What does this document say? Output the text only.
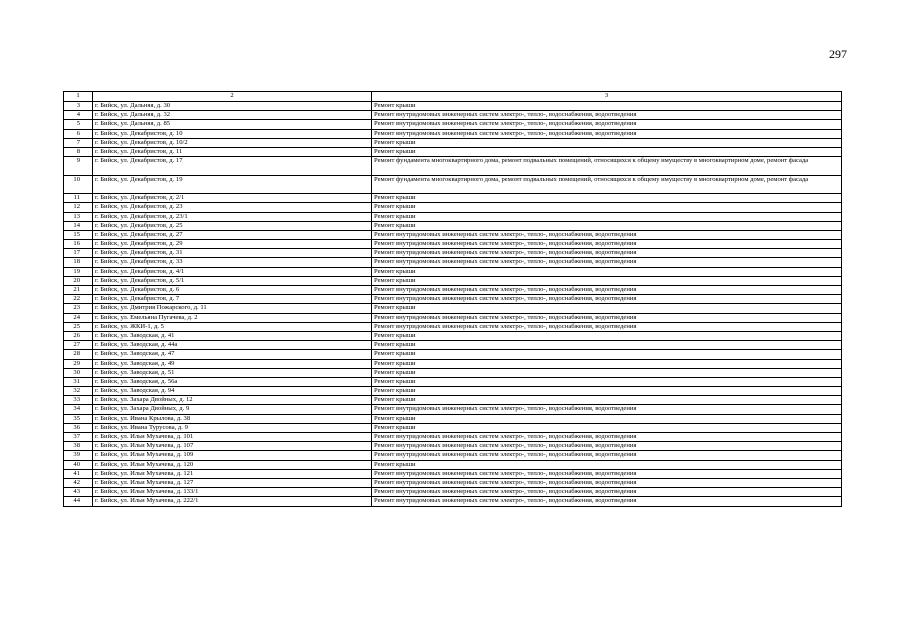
297
1	2	3
3	г. Бийск, ул. Дальняя, д. 30	Ремонт крыши
4	г. Бийск, ул. Дальняя, д. 32	Ремонт внутридомовых инженерных систем электро-, тепло-, водоснабжения, водоотведения
5	г. Бийск, ул. Дальняя, д. 85	Ремонт внутридомовых инженерных систем электро-, тепло-, водоснабжения, водоотведения
6	г. Бийск, ул. Декабристов, д. 10	Ремонт внутридомовых инженерных систем электро-, тепло-, водоснабжения, водоотведения
7	г. Бийск, ул. Декабристов, д. 10/2	Ремонт крыши
8	г. Бийск, ул. Декабристов, д. 11	Ремонт крыши
9	г. Бийск, ул. Декабристов, д. 17	Ремонт фундамента многоквартирного дома, ремонт подвальных помещений, относящихся к общему имуществу в многоквартирном доме, ремонт фасада
10	г. Бийск, ул. Декабристов, д. 19	Ремонт фундамента многоквартирного дома, ремонт подвальных помещений, относящихся к общему имуществу в многоквартирном доме, ремонт фасада
11	г. Бийск, ул. Декабристов, д. 2/1	Ремонт крыши
12	г. Бийск, ул. Декабристов, д. 23	Ремонт крыши
13	г. Бийск, ул. Декабристов, д. 23/1	Ремонт крыши
14	г. Бийск, ул. Декабристов, д. 25	Ремонт крыши
15	г. Бийск, ул. Декабристов, д. 27	Ремонт внутридомовых инженерных систем электро-, тепло-, водоснабжения, водоотведения
16	г. Бийск, ул. Декабристов, д. 29	Ремонт внутридомовых инженерных систем электро-, тепло-, водоснабжения, водоотведения
17	г. Бийск, ул. Декабристов, д. 31	Ремонт внутридомовых инженерных систем электро-, тепло-, водоснабжения, водоотведения
18	г. Бийск, ул. Декабристов, д. 33	Ремонт внутридомовых инженерных систем электро-, тепло-, водоснабжения, водоотведения
19	г. Бийск, ул. Декабристов, д. 4/1	Ремонт крыши
20	г. Бийск, ул. Декабристов, д. 5/1	Ремонт крыши
21	г. Бийск, ул. Декабристов, д. 6	Ремонт внутридомовых инженерных систем электро-, тепло-, водоснабжения, водоотведения
22	г. Бийск, ул. Декабристов, д. 7	Ремонт внутридомовых инженерных систем электро-, тепло-, водоснабжения, водоотведения
23	г. Бийск, ул. Дмитрия Пожарского, д. 11	Ремонт крыши
24	г. Бийск, ул. Емельяна Пугачева, д. 2	Ремонт внутридомовых инженерных систем электро-, тепло-, водоснабжения, водоотведения
25	г. Бийск, ул. ЖКИ-1, д. 5	Ремонт внутридомовых инженерных систем электро-, тепло-, водоснабжения, водоотведения
26	г. Бийск, ул. Заводская, д. 41	Ремонт крыши
27	г. Бийск, ул. Заводская, д. 44а	Ремонт крыши
28	г. Бийск, ул. Заводская, д. 47	Ремонт крыши
29	г. Бийск, ул. Заводская, д. 49	Ремонт крыши
30	г. Бийск, ул. Заводская, д. 51	Ремонт крыши
31	г. Бийск, ул. Заводская, д. 56а	Ремонт крыши
32	г. Бийск, ул. Заводская, д. 94	Ремонт крыши
33	г. Бийск, ул. Захара Двойных, д. 12	Ремонт крыши
34	г. Бийск, ул. Захара Двойных, д. 9	Ремонт внутридомовых инженерных систем электро-, тепло-, водоснабжения, водоотведения
35	г. Бийск, ул. Ивана Крылова, д. 38	Ремонт крыши
36	г. Бийск, ул. Ивана Турусова, д. 9	Ремонт крыши
37	г. Бийск, ул. Ильи Мухачева, д. 101	Ремонт внутридомовых инженерных систем электро-, тепло-, водоснабжения, водоотведения
38	г. Бийск, ул. Ильи Мухачева, д. 107	Ремонт внутридомовых инженерных систем электро-, тепло-, водоснабжения, водоотведения
39	г. Бийск, ул. Ильи Мухачева, д. 109	Ремонт внутридомовых инженерных систем электро-, тепло-, водоснабжения, водоотведения
40	г. Бийск, ул. Ильи Мухачева, д. 120	Ремонт крыши
41	г. Бийск, ул. Ильи Мухачева, д. 121	Ремонт внутридомовых инженерных систем электро-, тепло-, водоснабжения, водоотведения
42	г. Бийск, ул. Ильи Мухачева, д. 127	Ремонт внутридомовых инженерных систем электро-, тепло-, водоснабжения, водоотведения
43	г. Бийск, ул. Ильи Мухачева, д. 133/1	Ремонт внутридомовых инженерных систем электро-, тепло-, водоснабжения, водоотведения
44	г. Бийск, ул. Ильи Мухачева, д. 222/1	Ремонт внутридомовых инженерных систем электро-, тепло-, водоснабжения, водоотведения
